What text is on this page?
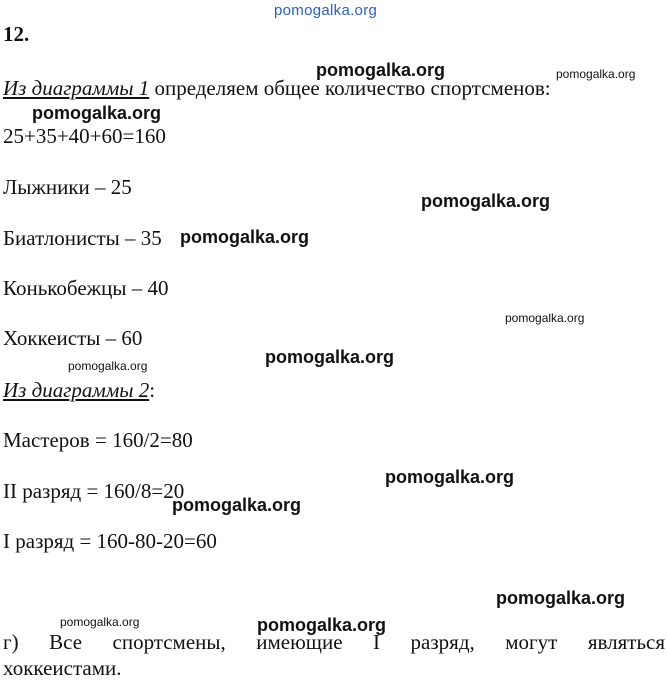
pomogalka.org
12.
Из диаграммы 1 определяем общее количество спортсменов:
25+35+40+60=160
Лыжники – 25
Биатлонисты – 35
Конькобежцы – 40
Хоккеисты – 60
Из диаграммы 2:
Мастеров = 160/2=80
II разряд = 160/8=20
I разряд = 160-80-20=60
г) Все спортсмены, имеющие I разряд, могут являться
хоккеистами.
pomogalka.org	pomogalka.org
pomogalka.org
pomogalka.org
pomogalka.org
pomogalka.org
pomogalka.org
pomogalka.org
pomogalka.org
pomogalka.org
pomogalka.org
pomogalka.org	pomogalka.org
